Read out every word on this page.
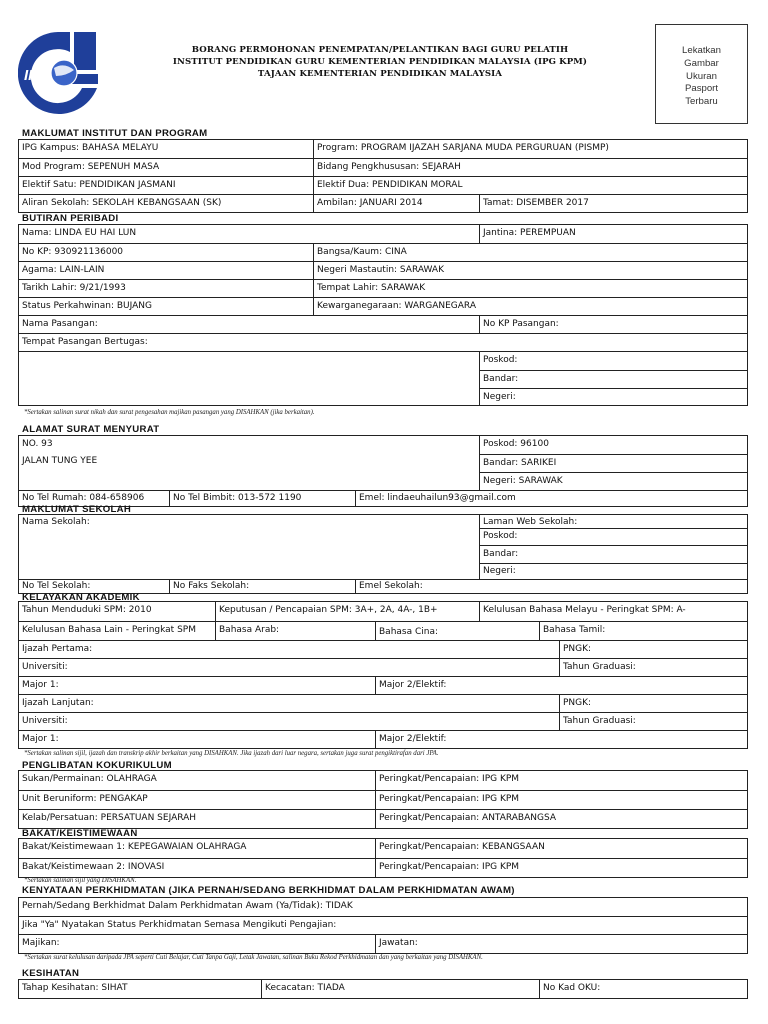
IPG
BORANG PERMOHONAN PENEMPATAN/PELANTIKAN BAGI GURU PELATIH
INSTITUT PENDIDIKAN GURU KEMENTERIAN PENDIDIKAN MALAYSIA (IPG KPM)
TAJAAN KEMENTERIAN PENDIDIKAN MALAYSIA
Lekatkan
Gambar
Ukuran
Pasport
Terbaru
MAKLUMAT INSTITUT DAN PROGRAM
IPG Kampus: BAHASA MELAYU	Program: PROGRAM IJAZAH SARJANA MUDA PERGURUAN (PISMP)
Mod Program: SEPENUH MASA	Bidang Pengkhususan: SEJARAH
Elektif Satu: PENDIDIKAN JASMANI	Elektif Dua: PENDIDIKAN MORAL
Aliran Sekolah: SEKOLAH KEBANGSAAN (SK)	Ambilan: JANUARI 2014	Tamat: DISEMBER 2017
BUTIRAN PERIBADI
Nama: LINDA EU HAI LUN	Jantina: PEREMPUAN
No KP: 930921136000	Bangsa/Kaum: CINA
Agama: LAIN-LAIN	Negeri Mastautin: SARAWAK
Tarikh Lahir: 9/21/1993	Tempat Lahir: SARAWAK
Status Perkahwinan: BUJANG	Kewarganegaraan: WARGANEGARA
Nama Pasangan:	No KP Pasangan:
Tempat Pasangan Bertugas:
Poskod:
Bandar:
Negeri:
*Sertakan salinan surat nikah dan surat pengesahan majikan pasangan yang DISAHKAN (jika berkaitan).
ALAMAT SURAT MENYURAT
NO. 93
JALAN TUNG YEE
Poskod: 96100
Bandar: SARIKEI
Negeri: SARAWAK
No Tel Rumah: 084-658906	No Tel Bimbit: 013-572 1190	Emel: lindaeuhailun93@gmail.com
MAKLUMAT SEKOLAH
Nama Sekolah:	Laman Web Sekolah:
Poskod:
Bandar:
Negeri:
No Tel Sekolah:	No Faks Sekolah:	Emel Sekolah:
KELAYAKAN AKADEMIK
Tahun Menduduki SPM: 2010	Keputusan / Pencapaian SPM: 3A+, 2A, 4A-, 1B+	Kelulusan Bahasa Melayu - Peringkat SPM: A-
Kelulusan Bahasa Lain - Peringkat SPM	Bahasa Arab:	Bahasa Cina:	Bahasa Tamil:
Ijazah Pertama:	PNGK:
Universiti:	Tahun Graduasi:
Major 1:	Major 2/Elektif:
Ijazah Lanjutan:	PNGK:
Universiti:	Tahun Graduasi:
Major 1:	Major 2/Elektif:
*Sertakan salinan sijil, ijazah dan transkrip akhir berkaitan yang DISAHKAN. Jika ijazah dari luar negara, sertakan juga surat pengiktirafan dari JPA.
PENGLIBATAN KOKURIKULUM
Sukan/Permainan: OLAHRAGA	Peringkat/Pencapaian: IPG KPM
Unit Beruniform: PENGAKAP	Peringkat/Pencapaian: IPG KPM
Kelab/Persatuan: PERSATUAN SEJARAH	Peringkat/Pencapaian: ANTARABANGSA
BAKAT/KEISTIMEWAAN
Bakat/Keistimewaan 1: KEPEGAWAIAN OLAHRAGA	Peringkat/Pencapaian: KEBANGSAAN
Bakat/Keistimewaan 2: INOVASI	Peringkat/Pencapaian: IPG KPM
*Sertakan salinan sijil yang DISAHKAN.
KENYATAAN PERKHIDMATAN (JIKA PERNAH/SEDANG BERKHIDMAT DALAM PERKHIDMATAN AWAM)
Pernah/Sedang Berkhidmat Dalam Perkhidmatan Awam (Ya/Tidak): TIDAK
Jika "Ya" Nyatakan Status Perkhidmatan Semasa Mengikuti Pengajian:
Majikan:	Jawatan:
*Sertakan surat kelulusan daripada JPA seperti Cuti Belajar, Cuti Tanpa Gaji, Letak Jawatan, salinan Buku Rekod Perkhidmatan dan yang berkaitan yang DISAHKAN.
KESIHATAN
Tahap Kesihatan: SIHAT	Kecacatan: TIADA	No Kad OKU:
